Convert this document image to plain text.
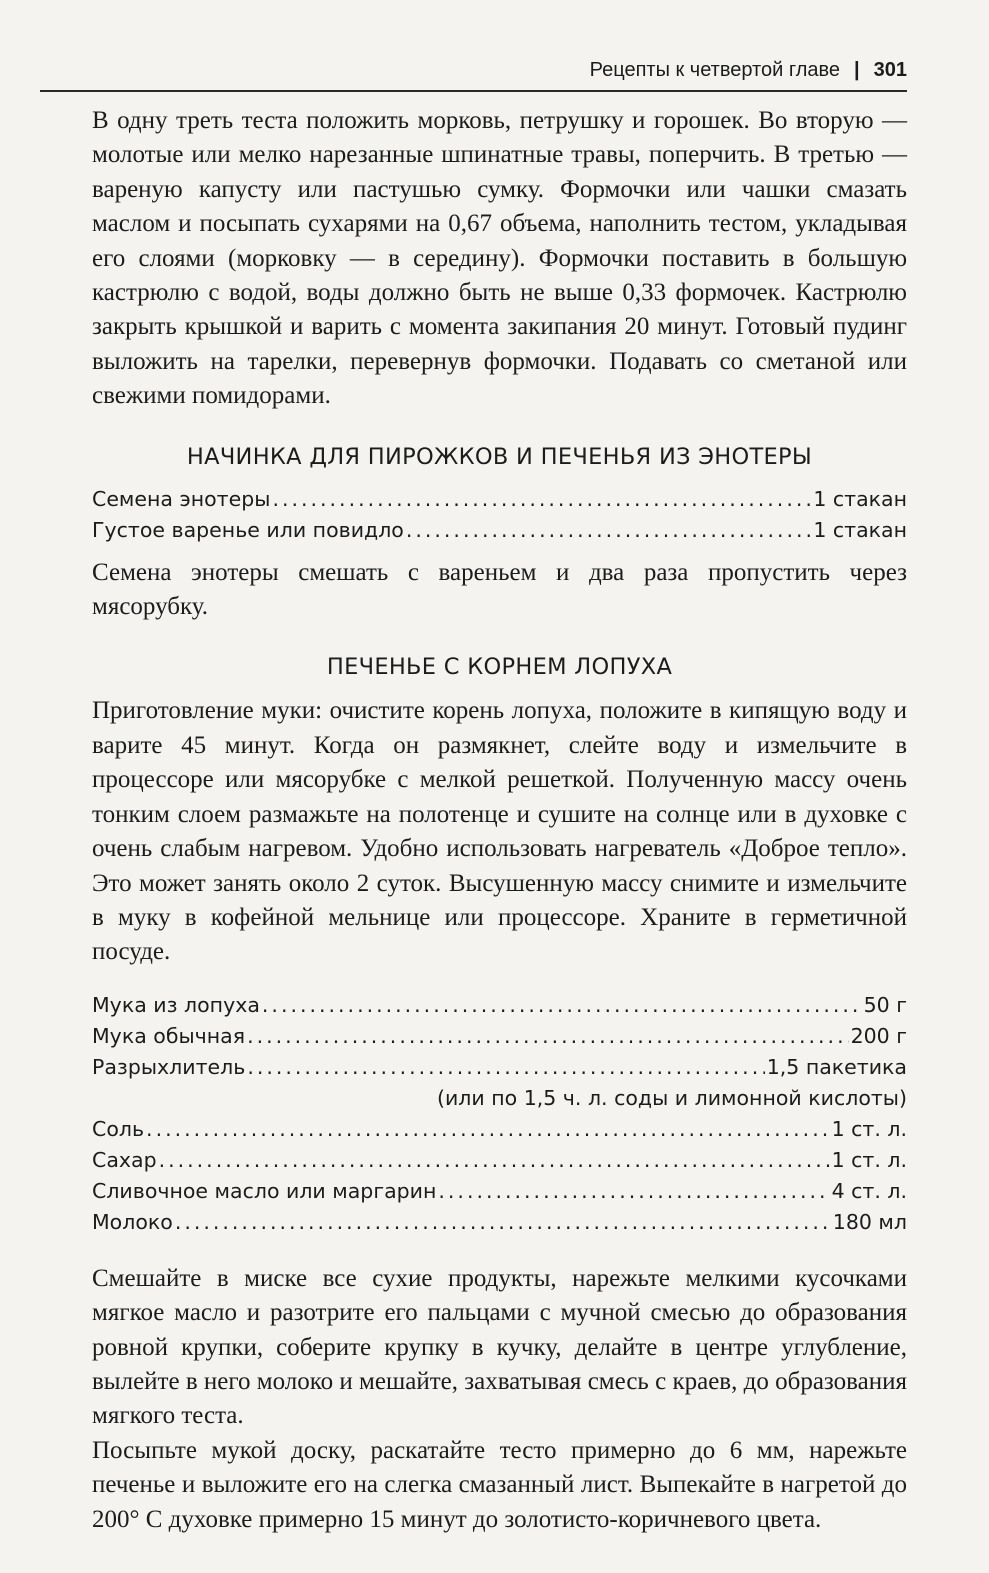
Рецепты к четвертой главе | 301

В одну треть теста положить морковь, петрушку и горошек. Во вторую — молотые или мелко нарезанные шпинатные травы, поперчить. В третью — вареную капусту или пастушью сумку. Формочки или чашки смазать маслом и посыпать сухарями на 0,67 объема, наполнить тестом, укладывая его слоями (морковку — в середину). Формочки поставить в большую кастрюлю с водой, воды должно быть не выше 0,33 формочек. Кастрюлю закрыть крышкой и варить с момента закипания 20 минут. Готовый пудинг выложить на тарелки, перевернув формочки. Подавать со сметаной или свежими помидорами.

НАЧИНКА ДЛЯ ПИРОЖКОВ И ПЕЧЕНЬЯ ИЗ ЭНОТЕРЫ
Семена энотеры .....	1 стакан
Густое варенье или повидло .....	1 стакан

Семена энотеры смешать с вареньем и два раза пропустить через мясорубку.

ПЕЧЕНЬЕ С КОРНЕМ ЛОПУХА

Приготовление муки: очистите корень лопуха, положите в кипящую воду и варите 45 минут. Когда он размякнет, слейте воду и измельчите в процессоре или мясорубке с мелкой решеткой. Полученную массу очень тонким слоем размажьте на полотенце и сушите на солнце или в духовке с очень слабым нагревом. Удобно использовать нагреватель «Доброе тепло». Это может занять около 2 суток. Высушенную массу снимите и измельчите в муку в кофейной мельнице или процессоре. Храните в герметичной посуде.

Мука из лопуха .....	50 г
Мука обычная .....	200 г
Разрыхлитель .....	1,5 пакетика
(или по 1,5 ч. л. соды и лимонной кислоты)
Соль .....	1 ст. л.
Сахар .....	1 ст. л.
Сливочное масло или маргарин .....	4 ст. л.
Молоко .....	180 мл

Смешайте в миске все сухие продукты, нарежьте мелкими кусочками мягкое масло и разотрите его пальцами с мучной смесью до образования ровной крупки, соберите крупку в кучку, делайте в центре углубление, вылейте в него молоко и мешайте, захватывая смесь с краев, до образования мягкого теста.

Посыпьте мукой доску, раскатайте тесто примерно до 6 мм, нарежьте печенье и выложите его на слегка смазанный лист. Выпекайте в нагретой до 200° С духовке примерно 15 минут до золотисто-коричневого цвета.
